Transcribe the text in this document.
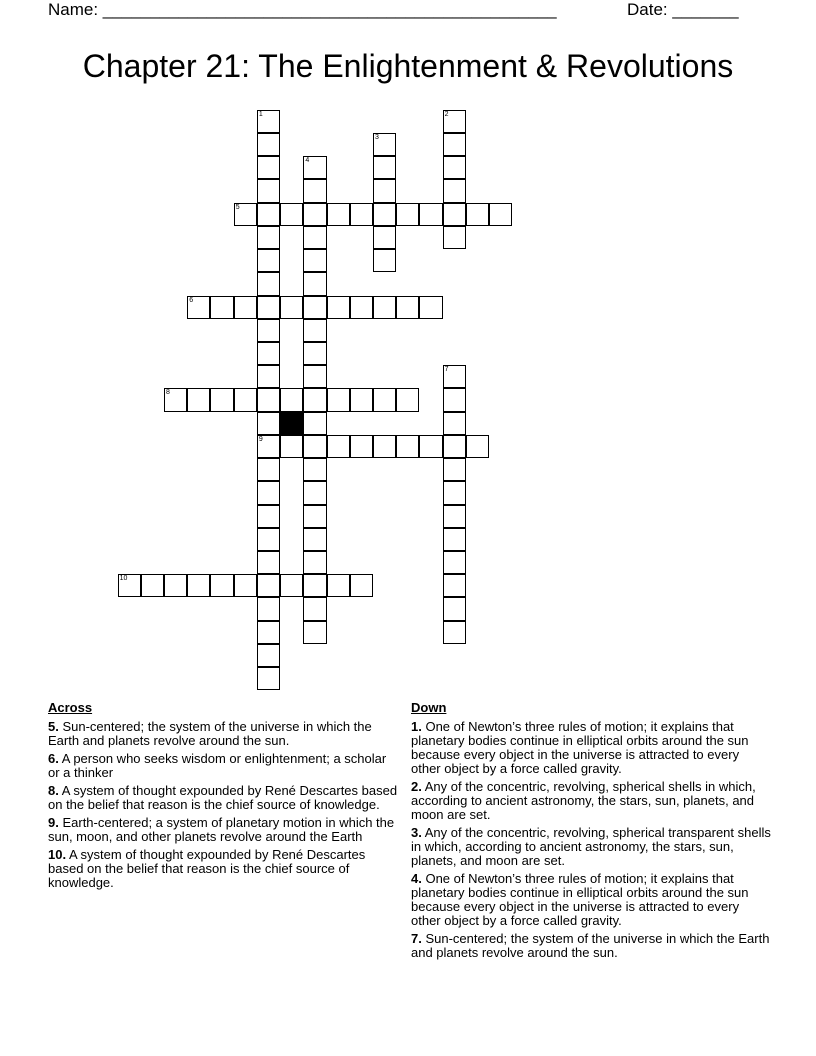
Name: ________________________________________________	Date: _______
Chapter 21: The Enlightenment & Revolutions
1	2
3
4
5
6
7
8
9
10
Across
5. Sun-centered; the system of the universe in which the Earth and planets revolve around the sun.
6. A person who seeks wisdom or enlightenment; a scholar or a thinker
8. A system of thought expounded by René Descartes based on the belief that reason is the chief source of knowledge.
9. Earth-centered; a system of planetary motion in which the sun, moon, and other planets revolve around the Earth
10. A system of thought expounded by René Descartes based on the belief that reason is the chief source of knowledge.
Down
1. One of Newton’s three rules of motion; it explains that planetary bodies continue in elliptical orbits around the sun because every object in the universe is attracted to every other object by a force called gravity.
2. Any of the concentric, revolving, spherical shells in which, according to ancient astronomy, the stars, sun, planets, and moon are set.
3. Any of the concentric, revolving, spherical transparent shells in which, according to ancient astronomy, the stars, sun, planets, and moon are set.
4. One of Newton’s three rules of motion; it explains that planetary bodies continue in elliptical orbits around the sun because every object in the universe is attracted to every other object by a force called gravity.
7. Sun-centered; the system of the universe in which the Earth and planets revolve around the sun.
